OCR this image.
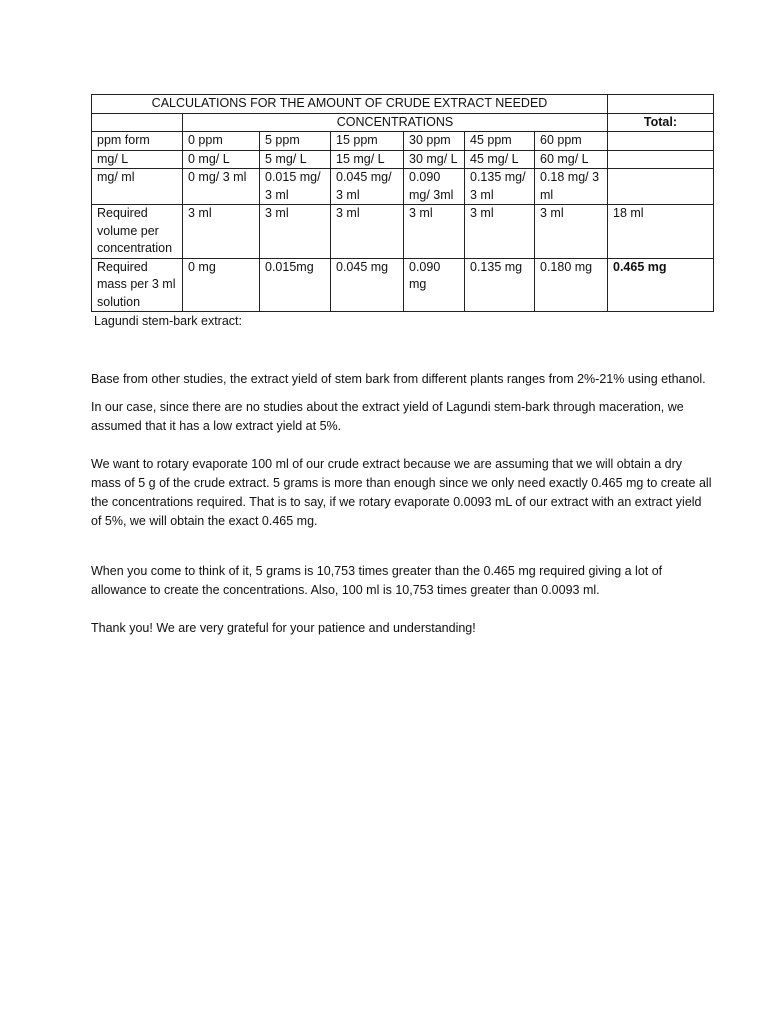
CALCULATIONS FOR THE AMOUNT OF CRUDE EXTRACT NEEDED							
	CONCENTRATIONS						Total:
ppm form	0 ppm	5 ppm	15 ppm	30 ppm	45 ppm	60 ppm	
mg/ L	0 mg/ L	5 mg/ L	15 mg/ L	30 mg/ L	45 mg/ L	60 mg/ L	
mg/ ml	0 mg/ 3 ml	0.015 mg/ 3 ml	0.045 mg/ 3 ml	0.090 mg/ 3ml	0.135 mg/ 3 ml	0.18 mg/ 3 ml	
Required volume per concentration	3 ml	3 ml	3 ml	3 ml	3 ml	3 ml	18 ml
Required mass per 3 ml solution	0 mg	0.015mg	0.045 mg	0.090 mg	0.135 mg	0.180 mg	0.465 mg
Lagundi stem-bark extract:

Base from other studies, the extract yield of stem bark from different plants ranges from 2%-21% using ethanol.

In our case, since there are no studies about the extract yield of Lagundi stem-bark through maceration, we assumed that it has a low extract yield at 5%.

We want to rotary evaporate 100 ml of our crude extract because we are assuming that we will obtain a dry mass of 5 g of the crude extract. 5 grams is more than enough since we only need exactly 0.465 mg to create all the concentrations required. That is to say, if we rotary evaporate 0.0093 mL of our extract with an extract yield of 5%, we will obtain the exact 0.465 mg.

When you come to think of it, 5 grams is 10,753 times greater than the 0.465 mg required giving a lot of allowance to create the concentrations. Also, 100 ml is 10,753 times greater than 0.0093 ml.

Thank you! We are very grateful for your patience and understanding!
